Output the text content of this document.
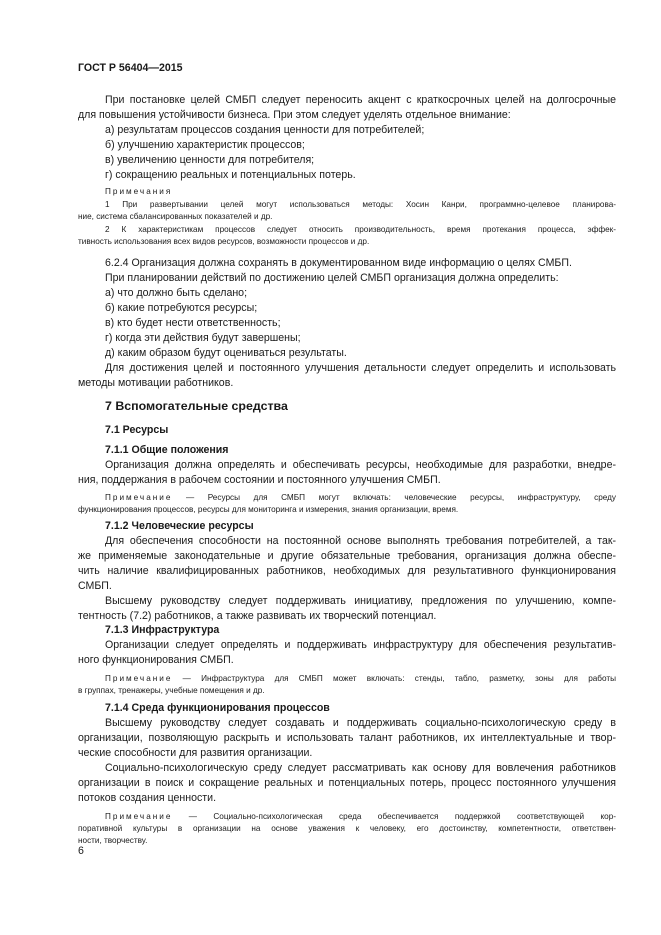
ГОСТ Р 56404—2015
При постановке целей СМБП следует переносить акцент с краткосрочных целей на долгосрочные
для повышения устойчивости бизнеса. При этом следует уделять отдельное внимание:
а) результатам процессов создания ценности для потребителей;
б) улучшению характеристик процессов;
в) увеличению ценности для потребителя;
г) сокращению реальных и потенциальных потерь.
Примечания
1 При развертывании целей могут использоваться методы: Хосин Канри, программно-целевое планирова-
ние, система сбалансированных показателей и др.
2 К характеристикам процессов следует относить производительность, время протекания процесса, эффек-
тивность использования всех видов ресурсов, возможности процессов и др.
6.2.4 Организация должна сохранять в документированном виде информацию о целях СМБП.
При планировании действий по достижению целей СМБП организация должна определить:
а) что должно быть сделано;
б) какие потребуются ресурсы;
в) кто будет нести ответственность;
г) когда эти действия будут завершены;
д) каким образом будут оцениваться результаты.
Для достижения целей и постоянного улучшения детальности следует определить и использовать
методы мотивации работников.
7 Вспомогательные средства
7.1 Ресурсы
7.1.1 Общие положения
Организация должна определять и обеспечивать ресурсы, необходимые для разработки, внедре-
ния, поддержания в рабочем состоянии и постоянного улучшения СМБП.
Примечание — Ресурсы для СМБП могут включать: человеческие ресурсы, инфраструктуру, среду
функционирования процессов, ресурсы для мониторинга и измерения, знания организации, время.
7.1.2 Человеческие ресурсы
Для обеспечения способности на постоянной основе выполнять требования потребителей, а так-
же применяемые законодательные и другие обязательные требования, организация должна обеспе-
чить наличие квалифицированных работников, необходимых для результативного функционирования
СМБП.
Высшему руководству следует поддерживать инициативу, предложения по улучшению, компе-
тентность (7.2) работников, а также развивать их творческий потенциал.
7.1.3 Инфраструктура
Организации следует определять и поддерживать инфраструктуру для обеспечения результатив-
ного функционирования СМБП.
Примечание — Инфраструктура для СМБП может включать: стенды, табло, разметку, зоны для работы
в группах, тренажеры, учебные помещения и др.
7.1.4 Среда функционирования процессов
Высшему руководству следует создавать и поддерживать социально-психологическую среду в
организации, позволяющую раскрыть и использовать талант работников, их интеллектуальные и твор-
ческие способности для развития организации.
Социально-психологическую среду следует рассматривать как основу для вовлечения работников
организации в поиск и сокращение реальных и потенциальных потерь, процесс постоянного улучшения
потоков создания ценности.
Примечание — Социально-психологическая среда обеспечивается поддержкой соответствующей кор-
поративной культуры в организации на основе уважения к человеку, его достоинству, компетентности, ответствен-
ности, творчеству.
6
